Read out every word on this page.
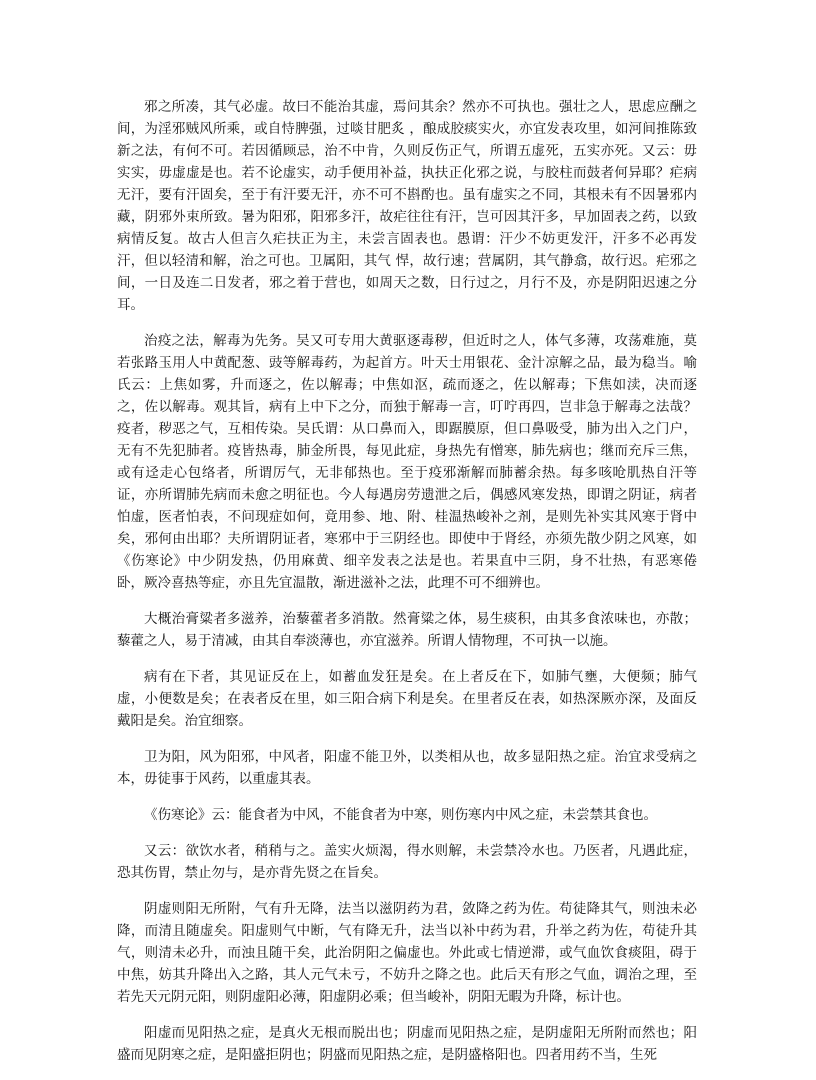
邪之所凑，其气必虚。故曰不能治其虚，焉问其余？然亦不可执也。强壮之人，思虑应酬之间，为淫邪贼风所乘，或自恃脾强，过啖甘肥炙 ，酿成胶痰实火，亦宜发表攻里，如河间推陈致新之法，有何不可。若因循顾忌，治不中肯，久则反伤正气，所谓五虚死，五实亦死。又云：毋实实，毋虚虚是也。若不论虚实，动手便用补益，执扶正化邪之说，与胶柱而鼓者何异耶？疟病无汗，要有汗固矣，至于有汗要无汗，亦不可不斟酌也。虽有虚实之不同，其根未有不因暑邪内藏，阴邪外束所致。暑为阳邪，阳邪多汗，故疟往往有汗，岂可因其汗多，早加固表之药，以致病情反复。故古人但言久疟扶正为主，未尝言固表也。愚谓：汗少不妨更发汗，汗多不必再发汗，但以轻清和解，治之可也。卫属阳，其气 悍，故行速；营属阴，其气静翕，故行迟。疟邪之间，一日及连二日发者，邪之着于营也，如周天之数，日行过之，月行不及，亦是阴阳迟速之分耳。

治疫之法，解毒为先务。吴又可专用大黄驱逐毒秽，但近时之人，体气多薄，攻荡难施，莫若张路玉用人中黄配葱、豉等解毒药，为起首方。叶天士用银花、金汁凉解之品，最为稳当。喻氏云：上焦如雾，升而逐之，佐以解毒；中焦如沤，疏而逐之，佐以解毒；下焦如渎，决而逐之，佐以解毒。观其旨，病有上中下之分，而独于解毒一言，叮咛再四，岂非急于解毒之法哉？疫者，秽恶之气，互相传染。吴氏谓：从口鼻而入，即踞膜原，但口鼻吸受，肺为出入之门户，无有不先犯肺者。疫皆热毒，肺金所畏，每见此症，身热先有憎寒，肺先病也；继而充斥三焦，或有迳走心包络者，所谓厉气，无非郁热也。至于疫邪渐解而肺蓄余热。每多咳呛肌热自汗等证，亦所谓肺先病而未愈之明征也。今人每遇房劳遗泄之后，偶感风寒发热，即谓之阴证，病者怕虚，医者怕表，不问现症如何，竟用参、地、附、桂温热峻补之剂，是则先补实其风寒于肾中矣，邪何由出耶？夫所谓阴证者，寒邪中于三阴经也。即使中于肾经，亦须先散少阴之风寒，如《伤寒论》中少阴发热，仍用麻黄、细辛发表之法是也。若果直中三阴，身不壮热，有恶寒倦卧，厥冷喜热等症，亦且先宜温散，渐进滋补之法，此理不可不细辨也。

大概治膏粱者多滋养，治藜藿者多消散。然膏粱之体，易生痰积，由其多食浓味也，亦散；藜藿之人，易于清减，由其自奉淡薄也，亦宜滋养。所谓人情物理，不可执一以施。

病有在下者，其见证反在上，如蓄血发狂是矣。在上者反在下，如肺气壅，大便频；肺气虚，小便数是矣；在表者反在里，如三阳合病下利是矣。在里者反在表，如热深厥亦深，及面反戴阳是矣。治宜细察。

卫为阳，风为阳邪，中风者，阳虚不能卫外，以类相从也，故多显阳热之症。治宜求受病之本，毋徒事于风药，以重虚其表。

《伤寒论》云：能食者为中风，不能食者为中寒，则伤寒内中风之症，未尝禁其食也。

又云：欲饮水者，稍稍与之。盖实火烦渴，得水则解，未尝禁冷水也。乃医者，凡遇此症，恐其伤胃，禁止勿与，是亦背先贤之在旨矣。

阴虚则阳无所附，气有升无降，法当以滋阴药为君，敛降之药为佐。苟徒降其气，则浊未必降，而清且随虚矣。阳虚则气中断，气有降无升，法当以补中药为君，升举之药为佐，苟徒升其气，则清未必升，而浊且随干矣，此治阴阳之偏虚也。外此或七情逆滞，或气血饮食痰阻，碍于中焦，妨其升降出入之路，其人元气未亏，不妨升之降之也。此后天有形之气血，调治之理，至若先天元阴元阳，则阴虚阳必薄，阳虚阴必乘；但当峻补，阴阳无暇为升降，标计也。

阳虚而见阳热之症，是真火无根而脱出也；阴虚而见阳热之症，是阴虚阳无所附而然也；阳盛而见阴寒之症，是阳盛拒阴也；阴盛而见阳热之症，是阴盛格阳也。四者用药不当，生死
